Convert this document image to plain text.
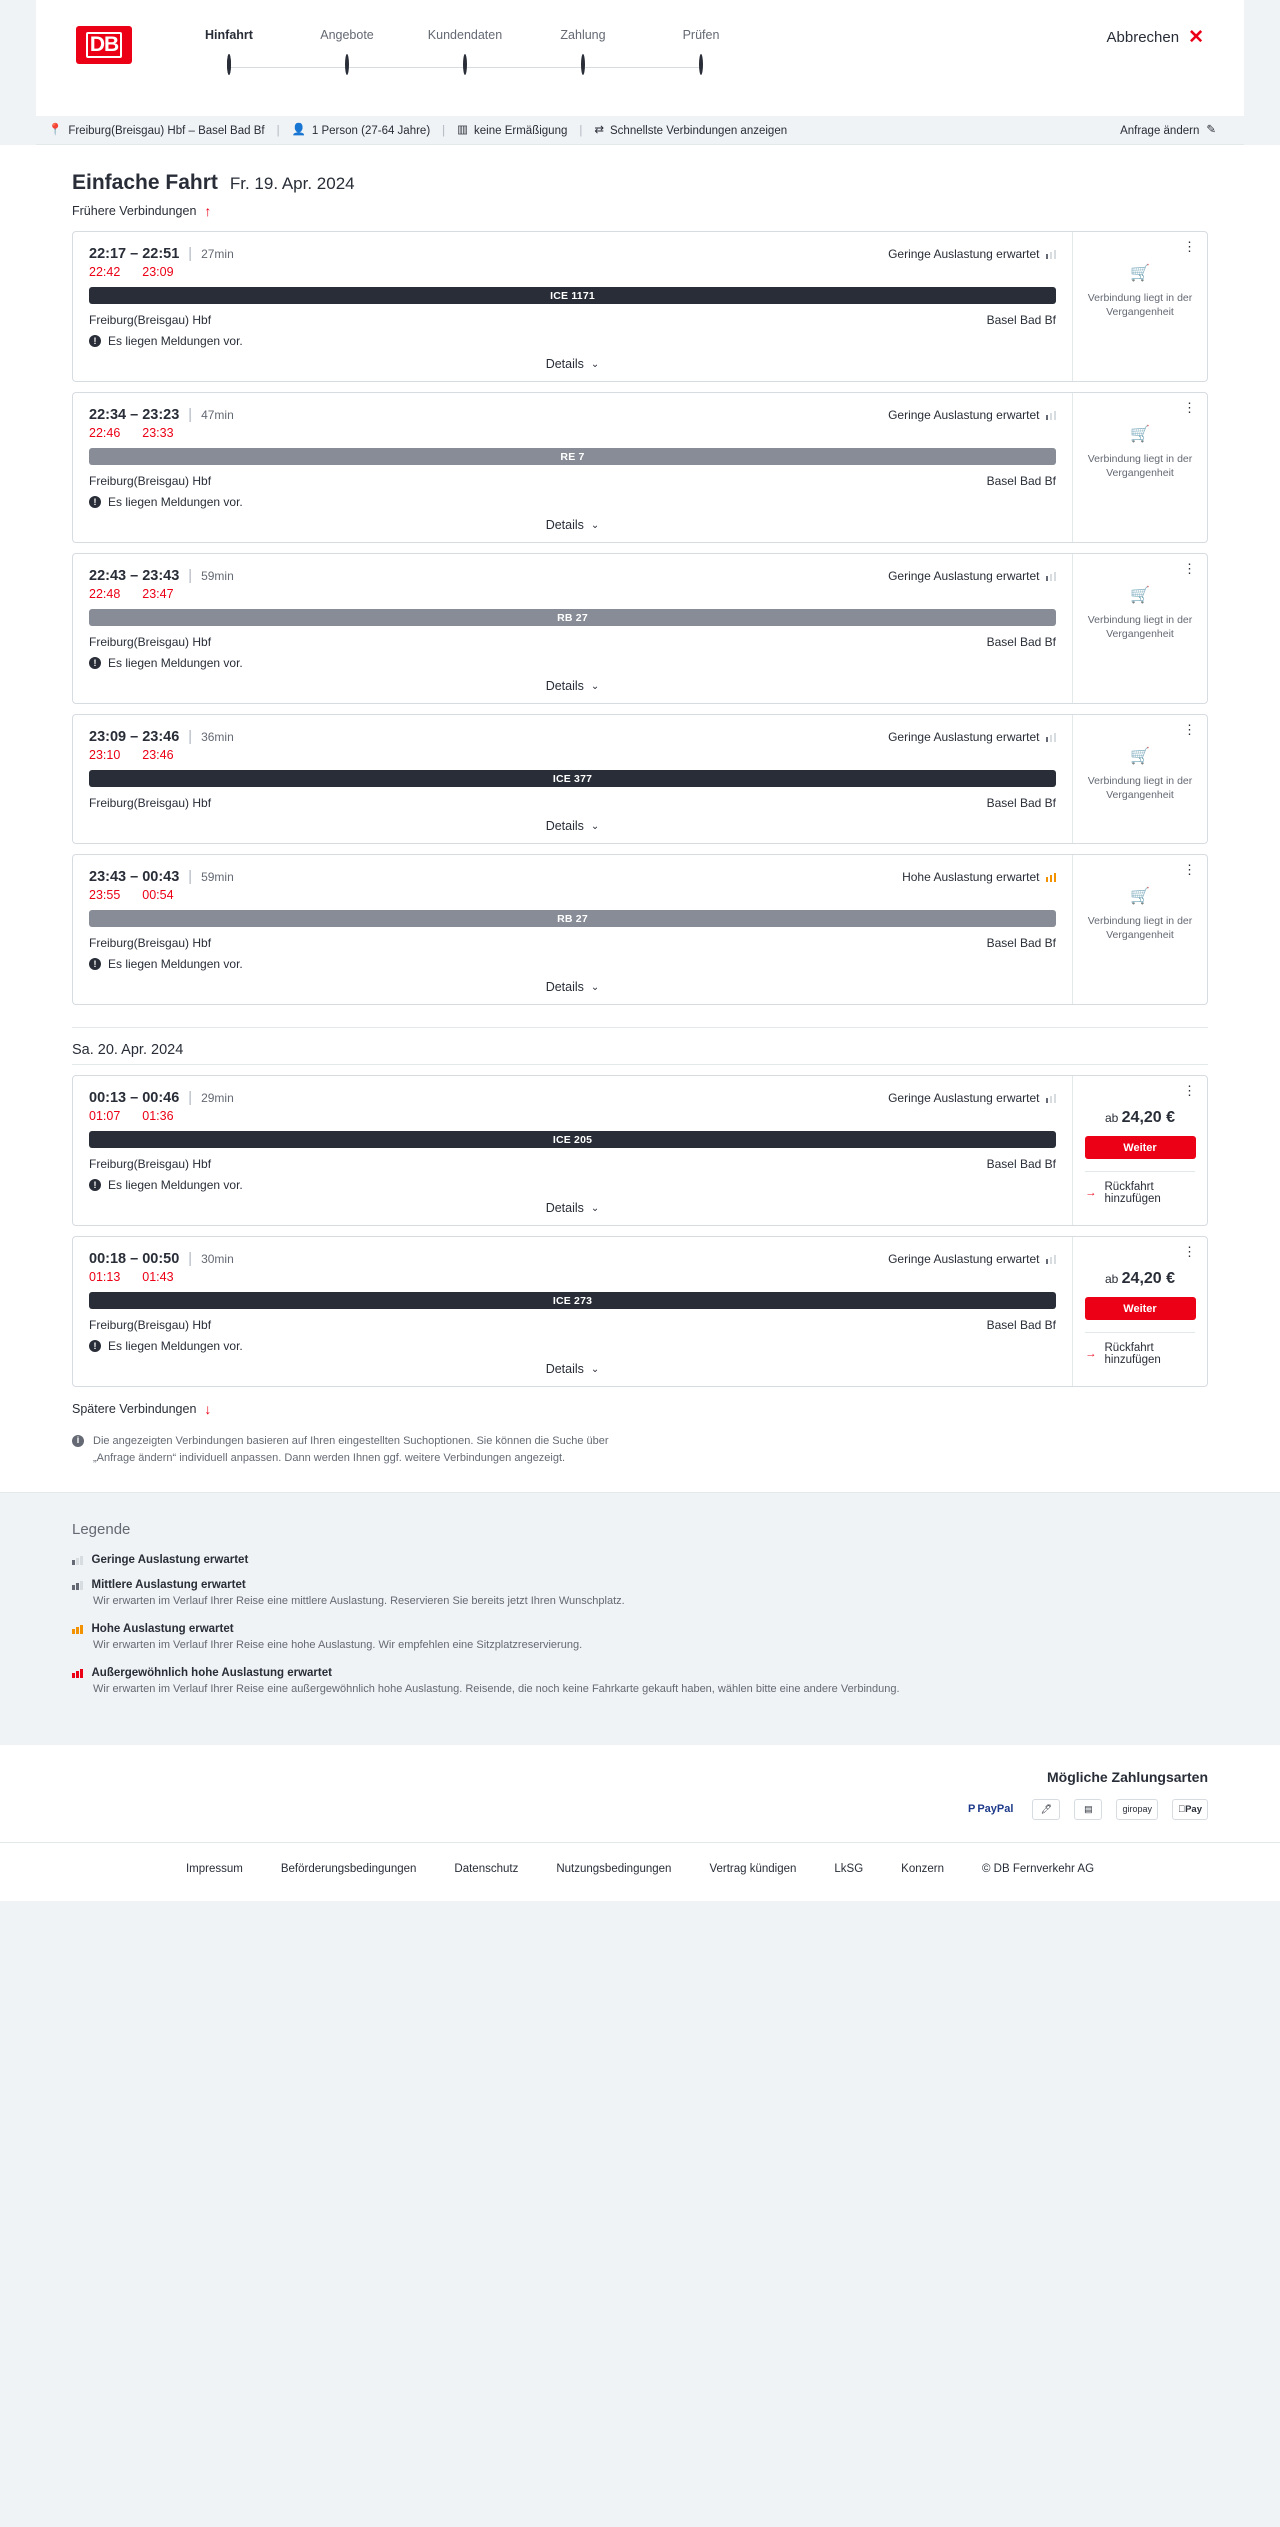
DB	Hinfahrt	Angebote	Kundendaten	Zahlung	Prüfen	Abbrechen ✕
📍 Freiburg(Breisgau) Hbf – Basel Bad Bf | 👤 1 Person (27-64 Jahre) | ▥ keine Ermäßigung | ⇄ Schnellste Verbindungen anzeigen	Anfrage ändern ✎
Einfache Fahrt Fr. 19. Apr. 2024
Frühere Verbindungen ↑
22:17 – 22:51 | 27min	Geringe Auslastung erwartet
22:42 23:09
ICE 1171
Freiburg(Breisgau) Hbf	Basel Bad Bf
! Es liegen Meldungen vor.
Details ⌄
⋮
🛒
Verbindung liegt in der Vergangenheit
22:34 – 23:23 | 47min	Geringe Auslastung erwartet
22:46 23:33
RE 7
Freiburg(Breisgau) Hbf	Basel Bad Bf
! Es liegen Meldungen vor.
Details ⌄
⋮
🛒
Verbindung liegt in der Vergangenheit
22:43 – 23:43 | 59min	Geringe Auslastung erwartet
22:48 23:47
RB 27
Freiburg(Breisgau) Hbf	Basel Bad Bf
! Es liegen Meldungen vor.
Details ⌄
⋮
🛒
Verbindung liegt in der Vergangenheit
23:09 – 23:46 | 36min	Geringe Auslastung erwartet
23:10 23:46
ICE 377
Freiburg(Breisgau) Hbf	Basel Bad Bf
Details ⌄
⋮
🛒
Verbindung liegt in der Vergangenheit
23:43 – 00:43 | 59min	Hohe Auslastung erwartet
23:55 00:54
RB 27
Freiburg(Breisgau) Hbf	Basel Bad Bf
! Es liegen Meldungen vor.
Details ⌄
⋮
🛒
Verbindung liegt in der Vergangenheit
Sa. 20. Apr. 2024
00:13 – 00:46 | 29min	Geringe Auslastung erwartet
01:07 01:36
ICE 205
Freiburg(Breisgau) Hbf	Basel Bad Bf
! Es liegen Meldungen vor.
Details ⌄
⋮
ab 24,20 €
Weiter
→ Rückfahrt hinzufügen
00:18 – 00:50 | 30min	Geringe Auslastung erwartet
01:13 01:43
ICE 273
Freiburg(Breisgau) Hbf	Basel Bad Bf
! Es liegen Meldungen vor.
Details ⌄
⋮
ab 24,20 €
Weiter
→ Rückfahrt hinzufügen
Spätere Verbindungen ↓
i	Die angezeigten Verbindungen basieren auf Ihren eingestellten Suchoptionen. Sie können die Suche über „Anfrage ändern“ individuell anpassen. Dann werden Ihnen ggf. weitere Verbindungen angezeigt.
Legende
Geringe Auslastung erwartet
Mittlere Auslastung erwartet
Wir erwarten im Verlauf Ihrer Reise eine mittlere Auslastung. Reservieren Sie bereits jetzt Ihren Wunschplatz.
Hohe Auslastung erwartet
Wir erwarten im Verlauf Ihrer Reise eine hohe Auslastung. Wir empfehlen eine Sitzplatzreservierung.
Außergewöhnlich hohe Auslastung erwartet
Wir erwarten im Verlauf Ihrer Reise eine außergewöhnlich hohe Auslastung. Reisende, die noch keine Fahrkarte gekauft haben, wählen bitte eine andere Verbindung.
Mögliche Zahlungsarten
P PayPal	🖊	▤	giropay	Pay
Impressum	Beförderungsbedingungen	Datenschutz	Nutzungsbedingungen	Vertrag kündigen	LkSG	Konzern	© DB Fernverkehr AG
